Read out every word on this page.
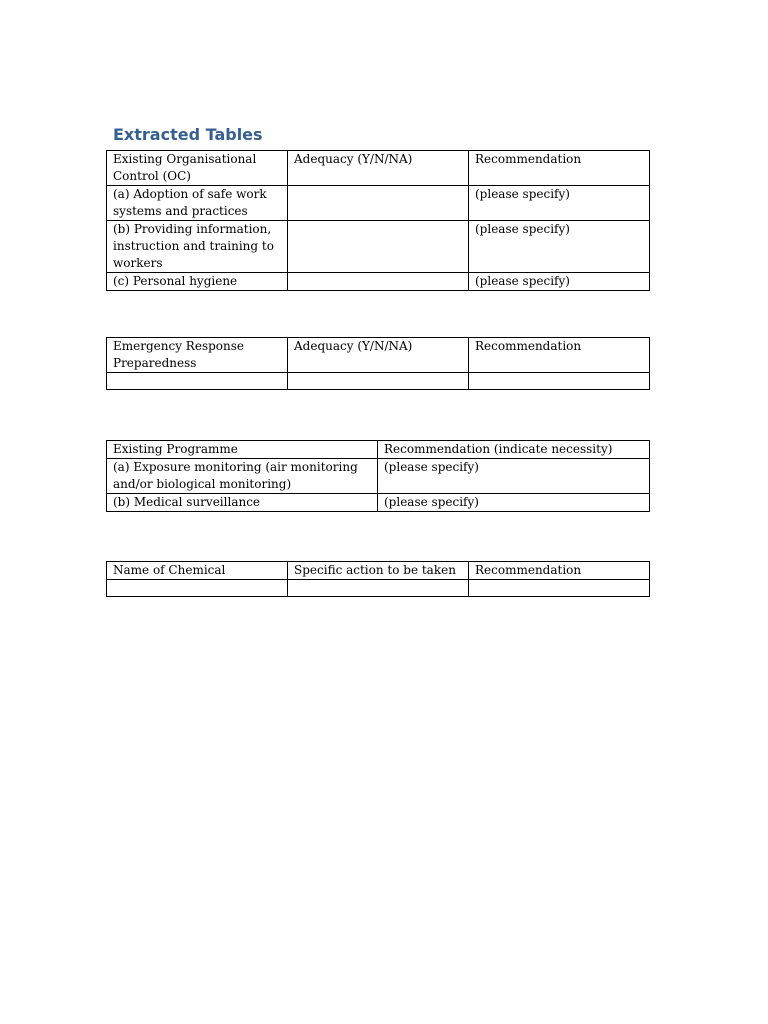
Extracted Tables
Existing Organisational Control (OC)	Adequacy (Y/N/NA)	Recommendation
(a) Adoption of safe work systems and practices		(please specify)
(b) Providing information, instruction and training to workers		(please specify)
(c) Personal hygiene		(please specify)
Emergency Response Preparedness	Adequacy (Y/N/NA)	Recommendation

Existing Programme	Recommendation (indicate necessity)
(a) Exposure monitoring (air monitoring and/or biological monitoring)	(please specify)
(b) Medical surveillance	(please specify)
Name of Chemical	Specific action to be taken	Recommendation
